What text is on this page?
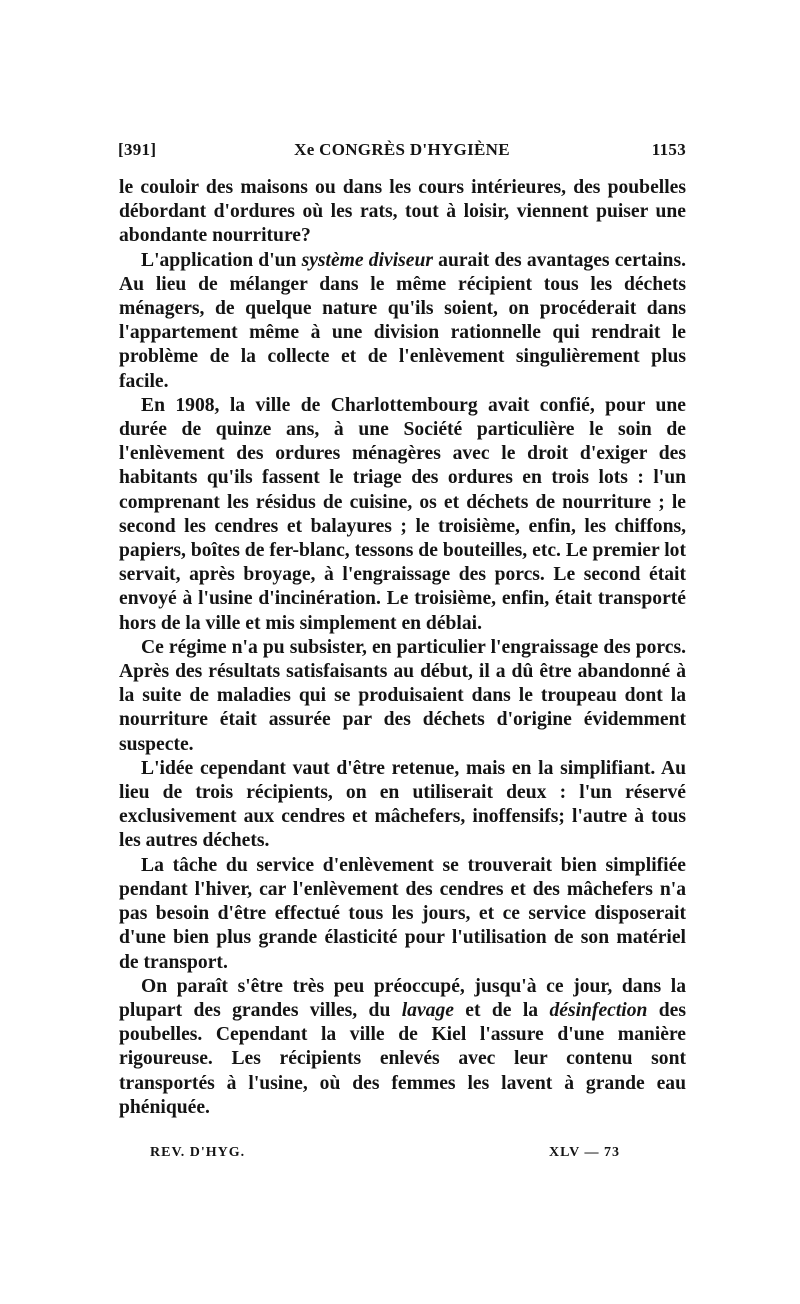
[391]	Xe CONGRÈS D'HYGIÈNE	1153

le couloir des maisons ou dans les cours intérieures, des poubelles débordant d'ordures où les rats, tout à loisir, viennent puiser une abondante nourriture?

L'application d'un système diviseur aurait des avantages certains. Au lieu de mélanger dans le même récipient tous les déchets ménagers, de quelque nature qu'ils soient, on procéderait dans l'appartement même à une division rationnelle qui rendrait le problème de la collecte et de l'enlèvement singulièrement plus facile.

En 1908, la ville de Charlottembourg avait confié, pour une durée de quinze ans, à une Société particulière le soin de l'enlèvement des ordures ménagères avec le droit d'exiger des habitants qu'ils fassent le triage des ordures en trois lots : l'un comprenant les résidus de cuisine, os et déchets de nourriture ; le second les cendres et balayures ; le troisième, enfin, les chiffons, papiers, boîtes de fer-blanc, tessons de bouteilles, etc. Le premier lot servait, après broyage, à l'engraissage des porcs. Le second était envoyé à l'usine d'incinération. Le troisième, enfin, était transporté hors de la ville et mis simplement en déblai.

Ce régime n'a pu subsister, en particulier l'engraissage des porcs. Après des résultats satisfaisants au début, il a dû être abandonné à la suite de maladies qui se produisaient dans le troupeau dont la nourriture était assurée par des déchets d'origine évidemment suspecte.

L'idée cependant vaut d'être retenue, mais en la simplifiant. Au lieu de trois récipients, on en utiliserait deux : l'un réservé exclusivement aux cendres et mâchefers, inoffensifs; l'autre à tous les autres déchets.

La tâche du service d'enlèvement se trouverait bien simplifiée pendant l'hiver, car l'enlèvement des cendres et des mâchefers n'a pas besoin d'être effectué tous les jours, et ce service disposerait d'une bien plus grande élasticité pour l'utilisation de son matériel de transport.

On paraît s'être très peu préoccupé, jusqu'à ce jour, dans la plupart des grandes villes, du lavage et de la désinfection des poubelles. Cependant la ville de Kiel l'assure d'une manière rigoureuse. Les récipients enlevés avec leur contenu sont transportés à l'usine, où des femmes les lavent à grande eau phéniquée.

REV. D'HYG.	XLV — 73
